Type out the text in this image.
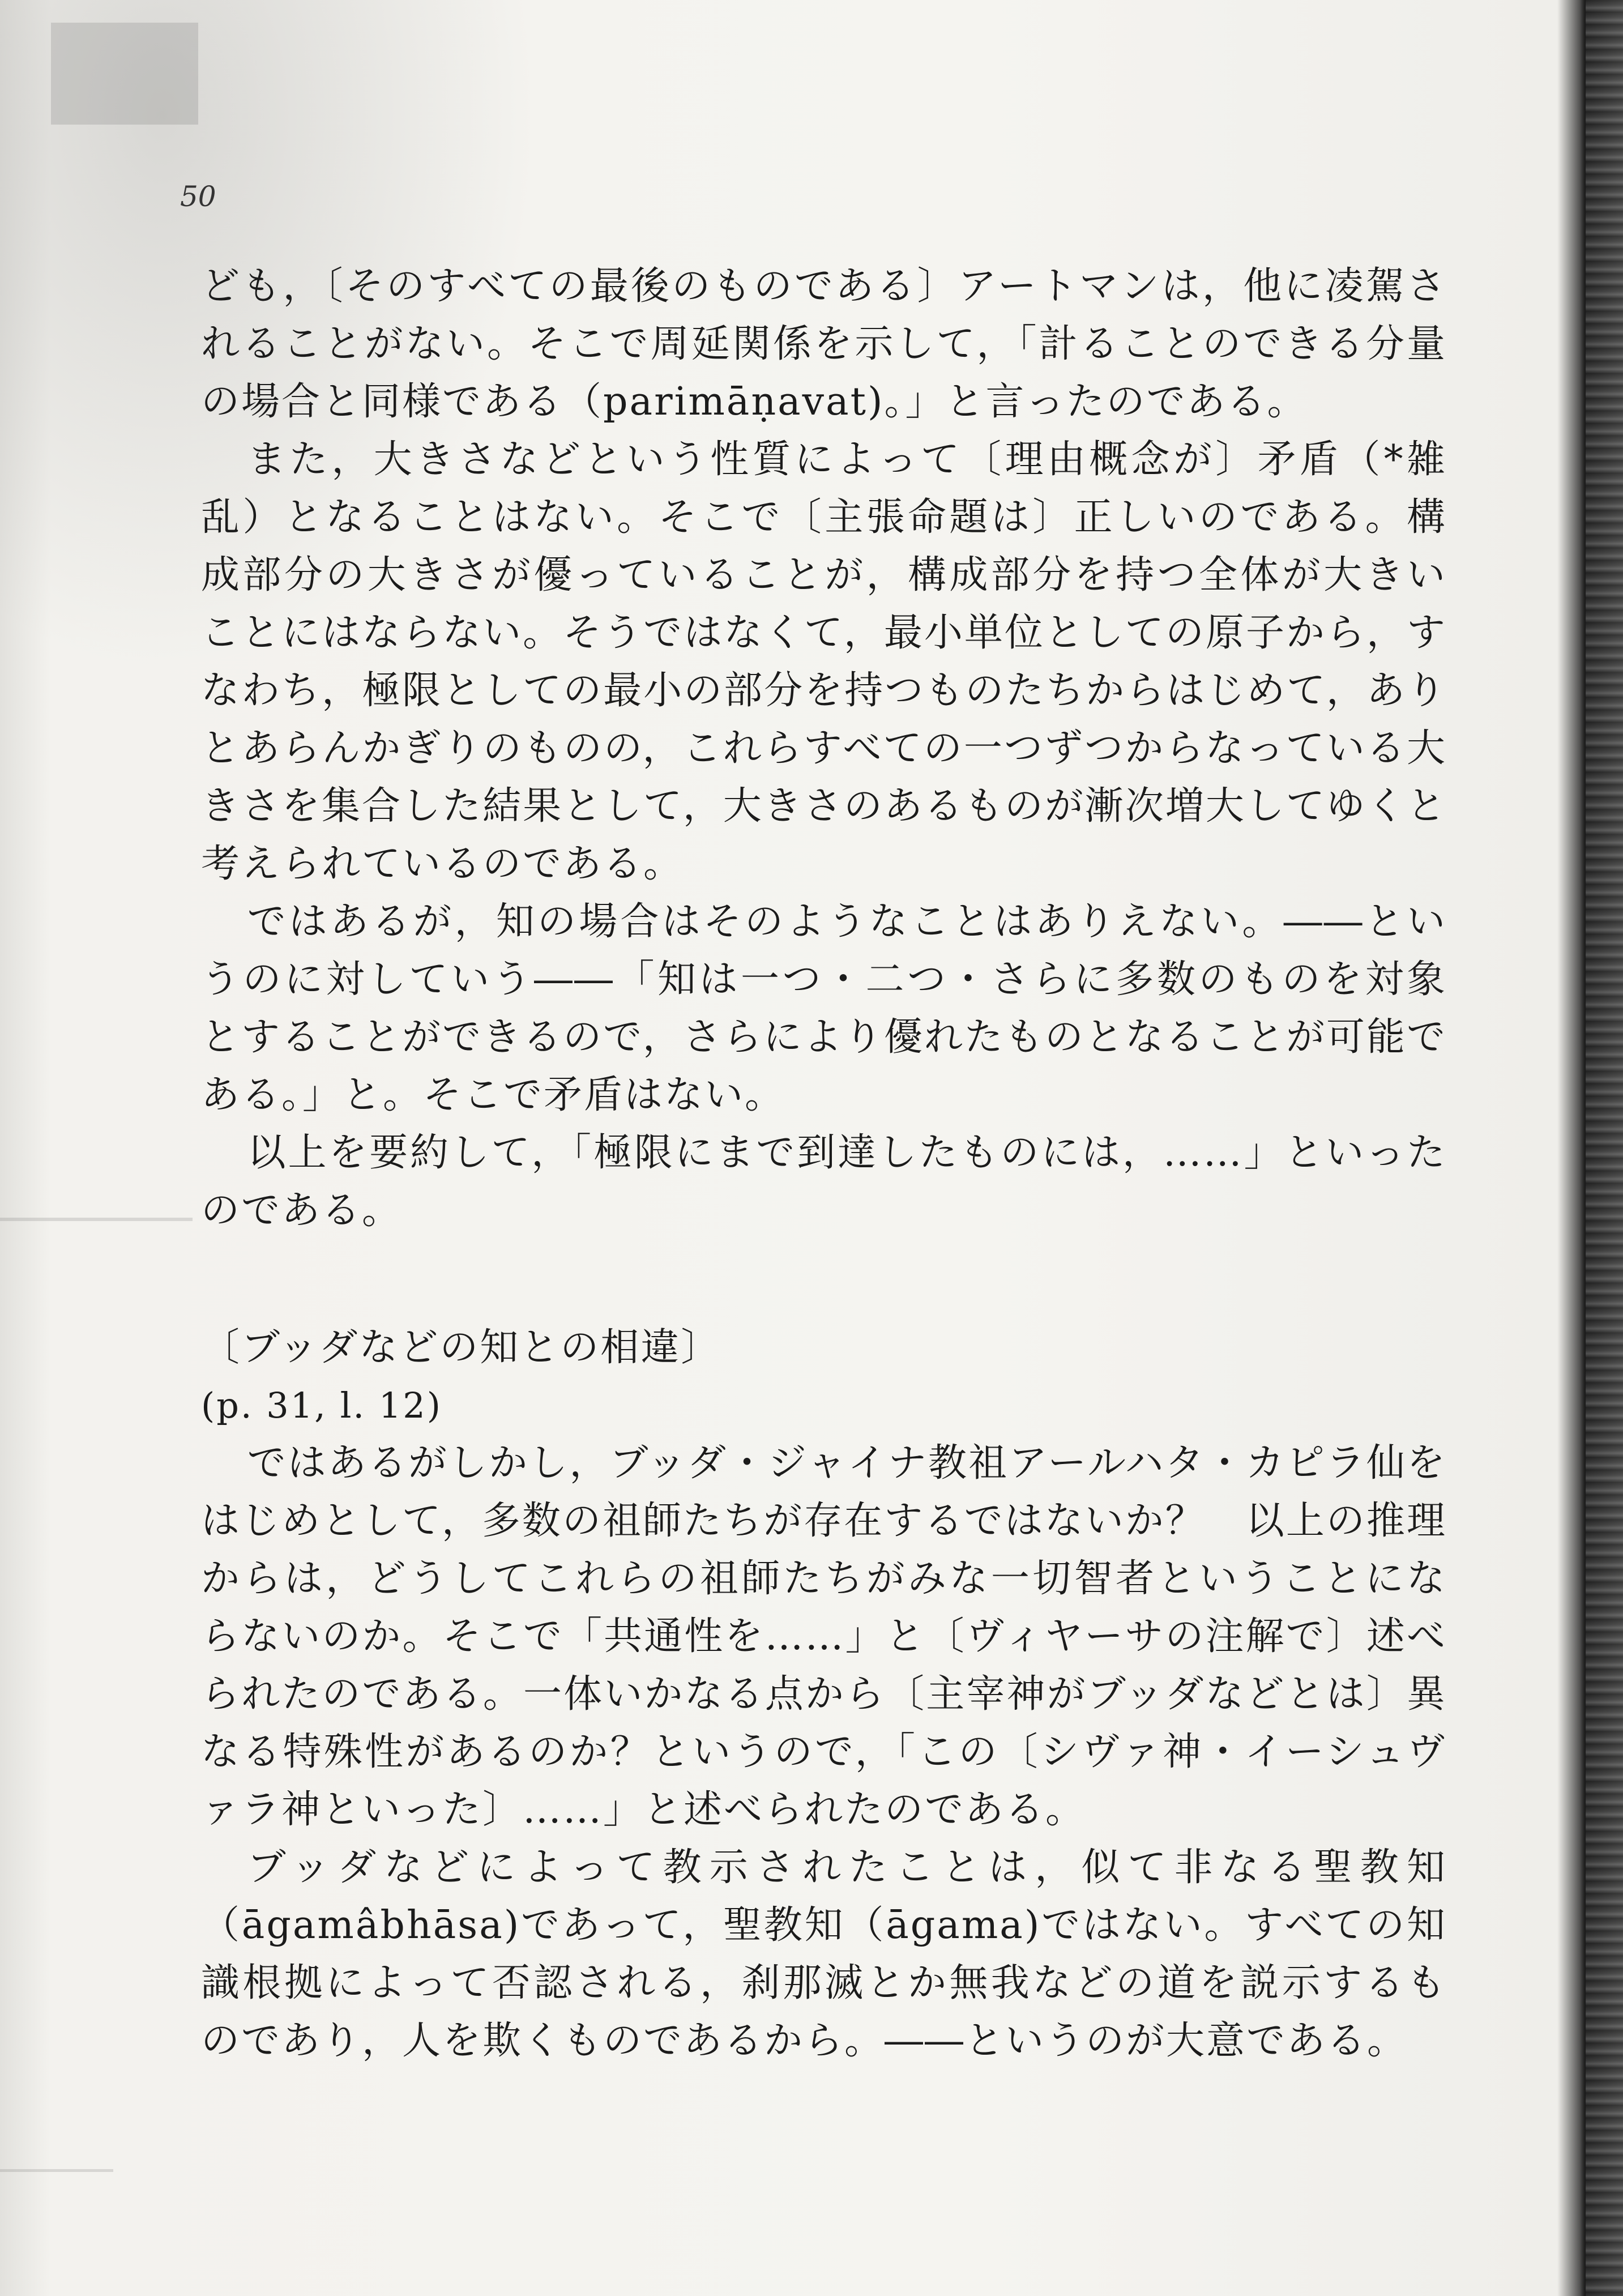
50

ども，〔そのすべての最後のものである〕アートマンは，他に凌駕されることがない。そこで周延関係を示して，「計ることのできる分量の場合と同様である（parimāṇavat)。」と言ったのである。

また，大きさなどという性質によって〔理由概念が〕矛盾（*雑乱）となることはない。そこで〔主張命題は〕正しいのである。構成部分の大きさが優っていることが，構成部分を持つ全体が大きいことにはならない。そうではなくて，最小単位としての原子から，すなわち，極限としての最小の部分を持つものたちからはじめて，ありとあらんかぎりのものの，これらすべての一つずつからなっている大きさを集合した結果として，大きさのあるものが漸次増大してゆくと考えられているのである。

ではあるが，知の場合はそのようなことはありえない。――というのに対していう――「知は一つ・二つ・さらに多数のものを対象とすることができるので，さらにより優れたものとなることが可能である。」と。そこで矛盾はない。

以上を要約して，「極限にまで到達したものには，……」といったのである。

〔ブッダなどの知との相違〕

(p. 31, l. 12)

ではあるがしかし，ブッダ・ジャイナ教祖アールハタ・カピラ仙をはじめとして，多数の祖師たちが存在するではないか？　以上の推理からは，どうしてこれらの祖師たちがみな一切智者ということにならないのか。そこで「共通性を……」と〔ヴィヤーサの注解で〕述べられたのである。一体いかなる点から〔主宰神がブッダなどとは〕異なる特殊性があるのか？というので，「この〔シヴァ神・イーシュヴァラ神といった〕……」と述べられたのである。

ブッダなどによって教示されたことは，似て非なる聖教知（āgamâbhāsa)であって，聖教知（āgama)ではない。すべての知識根拠によって否認される，刹那滅とか無我などの道を説示するものであり，人を欺くものであるから。――というのが大意である。
